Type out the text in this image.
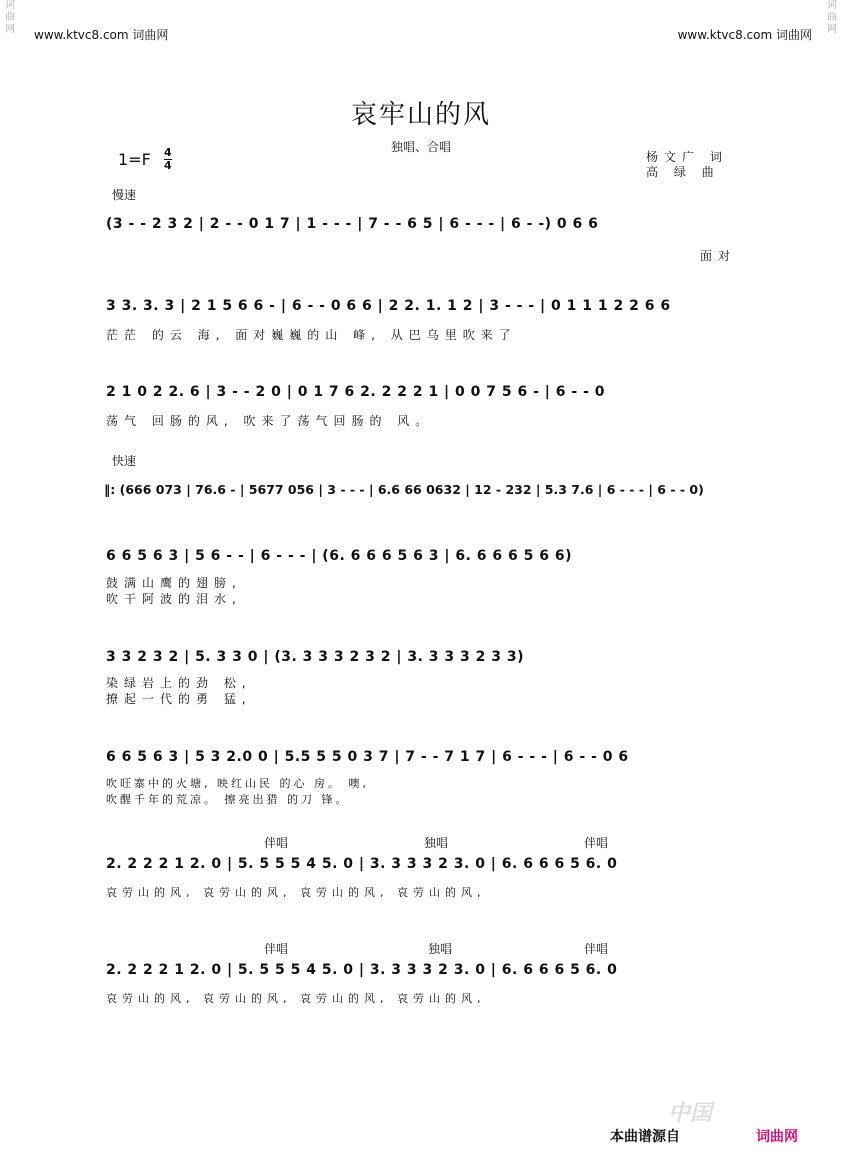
词
曲
网
词
曲
网
www.ktvc8.com 词曲网	www.ktvc8.com 词曲网
哀牢山的风
独唱、合唱
$1=F \frac{4}{4}$	杨文广 词
高 绿 曲
慢速
(3 - - 2 3 2 | 2 - - 0 1 7 | 1 - - - | 7 - - 6 5 | 6 - - - | 6 - -) 0 6 6
面对
3 3. 3. 3 | 2 1 5 6 6 - | 6 - - 0 6 6 | 2 2. 1. 1 2 | 3 - - - | 0 1 1 1 2 2 6 6
茫茫 的云 海, 面对巍巍的山 峰, 从巴乌里吹来了
2 1 0 2 2. 6 | 3 - - 2 0 | 0 1 7 6 2. 2 2 2 1 | 0 0 7 5 6 - | 6 - - 0
荡气 回肠的风, 吹来了荡气回肠的 风。
快速
‖: (666 073 | 76.6 - | 5677 056 | 3 - - - | 6.6 66 0632 | 12 - 232 | 5.3 7.6 | 6 - - - | 6 - - 0)
6 6 5 6 3 | 5 6 - - | 6 - - - | (6. 6 6 6 5 6 3 | 6. 6 6 6 5 6 6)
鼓满山鹰的翅膀,
吹干阿波的泪水,
3 3 2 3 2 | 5. 3 3 0 | (3. 3 3 3 2 3 2 | 3. 3 3 3 2 3 3)
染绿岩上的劲 松,
撩起一代的勇 猛,
6 6 5 6 3 | 5 3 2.0 0 | 5.5 5 5 0 3 7 | 7 - - 7 1 7 | 6 - - - | 6 - - 0 6
吹旺寨中的火塘, 映红山民 的心 房。 噢,
吹醒千年的荒凉。 擦亮出猎 的刀 锋。
伴唱	独唱	伴唱
2. 2 2 2 1 2. 0 | 5. 5 5 5 4 5. 0 | 3. 3 3 3 2 3. 0 | 6. 6 6 6 5 6. 0
哀劳山的风, 哀劳山的风, 哀劳山的风, 哀劳山的风,
伴唱	独唱	伴唱
2. 2 2 2 1 2. 0 | 5. 5 5 5 4 5. 0 | 3. 3 3 3 2 3. 0 | 6. 6 6 6 5 6. 0
哀劳山的风, 哀劳山的风, 哀劳山的风, 哀劳山的风,
中国
本曲谱源自	词曲网
